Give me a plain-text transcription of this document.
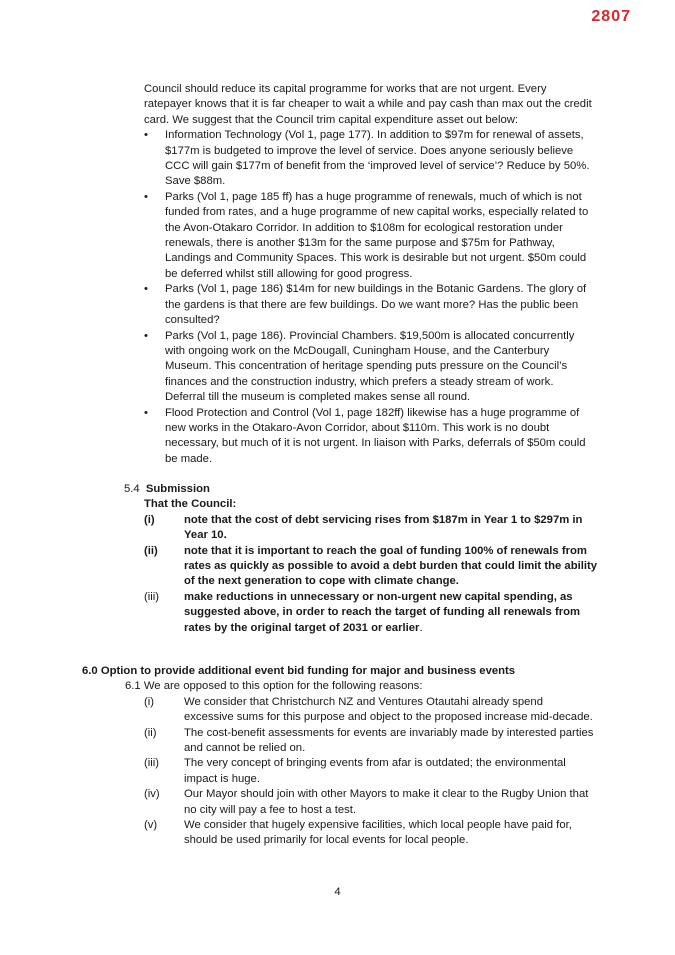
2807

Council should reduce its capital programme for works that are not urgent. Every ratepayer knows that it is far cheaper to wait a while and pay cash than max out the credit card. We suggest that the Council trim capital expenditure asset out below:

• Information Technology (Vol 1, page 177). In addition to $97m for renewal of assets, $177m is budgeted to improve the level of service. Does anyone seriously believe CCC will gain $177m of benefit from the ‘improved level of service’? Reduce by 50%. Save $88m.
• Parks (Vol 1, page 185 ff) has a huge programme of renewals, much of which is not funded from rates, and a huge programme of new capital works, especially related to the Avon-Otakaro Corridor. In addition to $108m for ecological restoration under renewals, there is another $13m for the same purpose and $75m for Pathway, Landings and Community Spaces. This work is desirable but not urgent. $50m could be deferred whilst still allowing for good progress.
• Parks (Vol 1, page 186) $14m for new buildings in the Botanic Gardens. The glory of the gardens is that there are few buildings. Do we want more? Has the public been consulted?
• Parks (Vol 1, page 186). Provincial Chambers. $19,500m is allocated concurrently with ongoing work on the McDougall, Cuningham House, and the Canterbury Museum. This concentration of heritage spending puts pressure on the Council’s finances and the construction industry, which prefers a steady stream of work. Deferral till the museum is completed makes sense all round.
• Flood Protection and Control (Vol 1, page 182ff) likewise has a huge programme of new works in the Otakaro-Avon Corridor, about $110m. This work is no doubt necessary, but much of it is not urgent. In liaison with Parks, deferrals of $50m could be made.

5.4 Submission

That the Council:

(i)	note that the cost of debt servicing rises from $187m in Year 1 to $297m in Year 10.
(ii)	note that it is important to reach the goal of funding 100% of renewals from rates as quickly as possible to avoid a debt burden that could limit the ability of the next generation to cope with climate change.
(iii)	make reductions in unnecessary or non-urgent new capital spending, as suggested above, in order to reach the target of funding all renewals from rates by the original target of 2031 or earlier.

6.0 Option to provide additional event bid funding for major and business events

6.1 We are opposed to this option for the following reasons:

(i)	We consider that Christchurch NZ and Ventures Otautahi already spend excessive sums for this purpose and object to the proposed increase mid-decade.
(ii)	The cost-benefit assessments for events are invariably made by interested parties and cannot be relied on.
(iii)	The very concept of bringing events from afar is outdated; the environmental impact is huge.
(iv)	Our Mayor should join with other Mayors to make it clear to the Rugby Union that no city will pay a fee to host a test.
(v)	We consider that hugely expensive facilities, which local people have paid for, should be used primarily for local events for local people.
4
